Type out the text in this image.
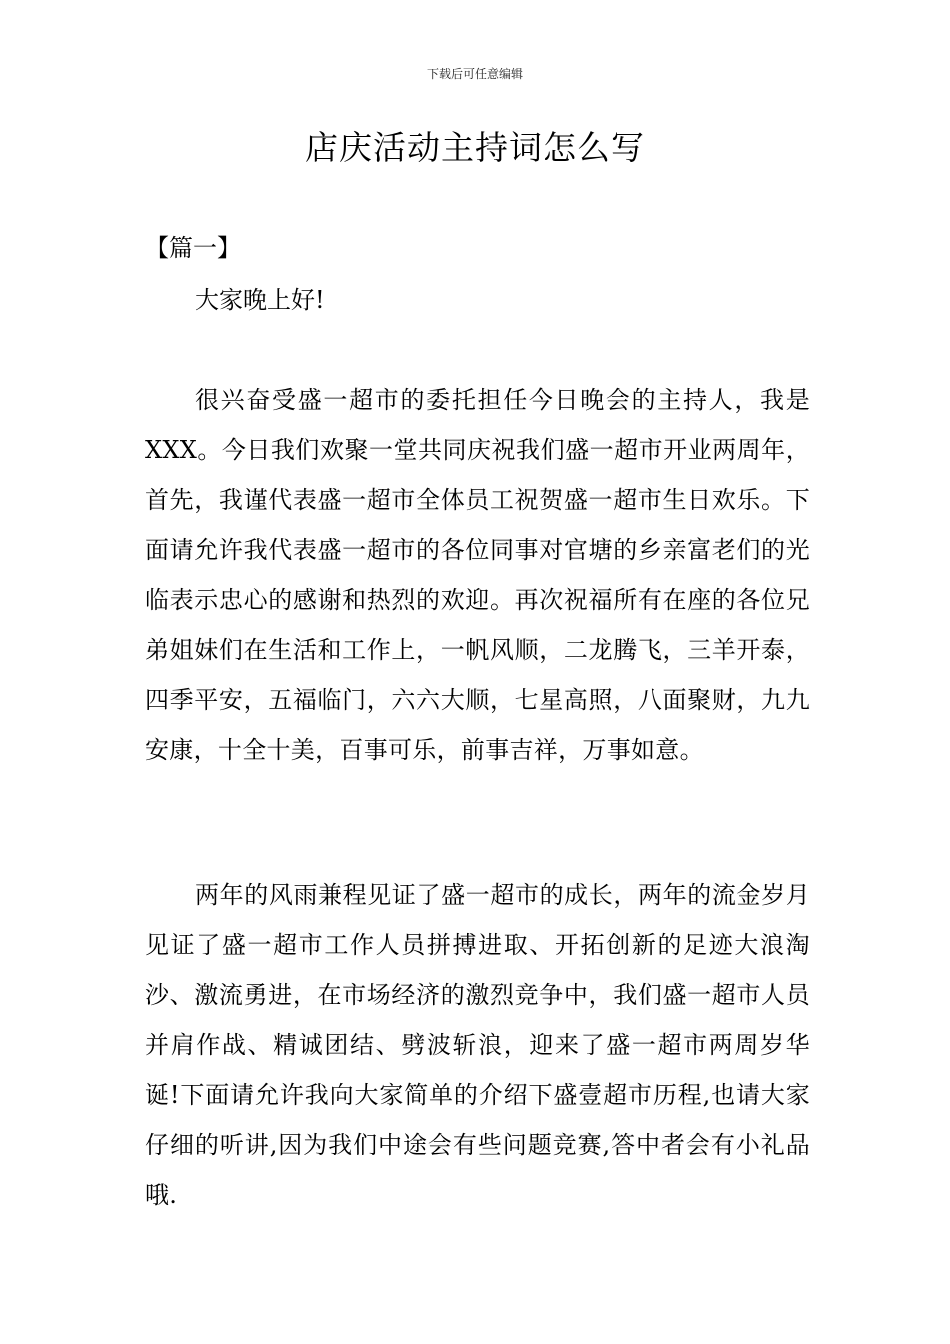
下载后可任意编辑
店庆活动主持词怎么写

【篇一】

大家晚上好!

很兴奋受盛一超市的委托担任今日晚会的主持人，我是XXX。今日我们欢聚一堂共同庆祝我们盛一超市开业两周年，首先，我谨代表盛一超市全体员工祝贺盛一超市生日欢乐。下面请允许我代表盛一超市的各位同事对官塘的乡亲富老们的光临表示忠心的感谢和热烈的欢迎。再次祝福所有在座的各位兄弟姐妹们在生活和工作上，一帆风顺，二龙腾飞，三羊开泰，四季平安，五福临门，六六大顺，七星高照，八面聚财，九九安康，十全十美，百事可乐，前事吉祥，万事如意。

两年的风雨兼程见证了盛一超市的成长，两年的流金岁月见证了盛一超市工作人员拼搏进取、开拓创新的足迹大浪淘沙、激流勇进，在市场经济的激烈竞争中，我们盛一超市人员并肩作战、精诚团结、劈波斩浪，迎来了盛一超市两周岁华诞!下面请允许我向大家简单的介绍下盛壹超市历程,也请大家仔细的听讲,因为我们中途会有些问题竞赛,答中者会有小礼品哦.
